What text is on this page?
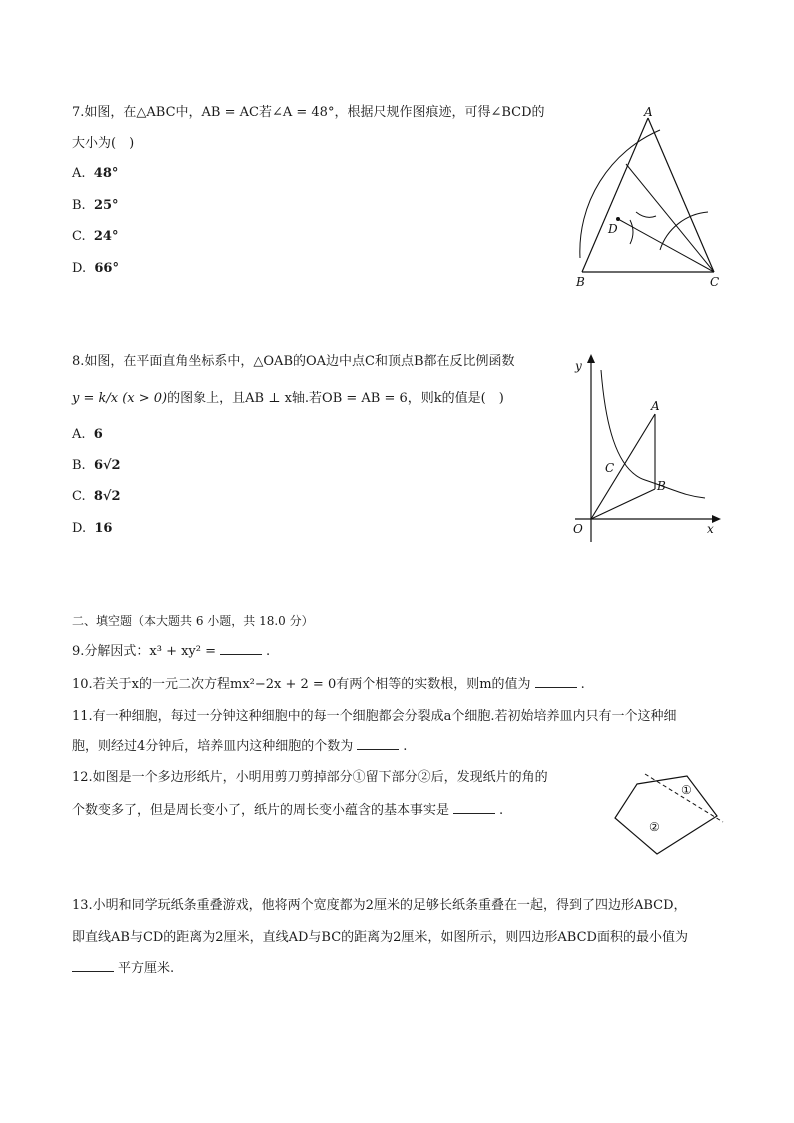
7.如图，在△ABC中，AB = AC若∠A = 48°，根据尺规作图痕迹，可得∠BCD的
大小为(　)
A. 48°
B. 25°
C. 24°
D. 66°
A
B	C
D
8.如图，在平面直角坐标系中，△OAB的OA边中点C和顶点B都在反比例函数
y = k/x (x > 0)的图象上，且AB ⊥ x轴.若OB = AB = 6，则k的值是(　)
A. 6
B. 6√2
C. 8√2
D. 16
y
x
O
A
B
C
二、填空题（本大题共 6 小题，共 18.0 分）
9.分解因式：x³ + xy² =	.
10.若关于x的一元二次方程mx²−2x + 2 = 0有两个相等的实数根，则m的值为	.
11.有一种细胞，每过一分钟这种细胞中的每一个细胞都会分裂成a个细胞.若初始培养皿内只有一个这种细
胞，则经过4分钟后，培养皿内这种细胞的个数为	.
12.如图是一个多边形纸片，小明用剪刀剪掉部分①留下部分②后，发现纸片的角的
个数变多了，但是周长变小了，纸片的周长变小蕴含的基本事实是	.
①
②
13.小明和同学玩纸条重叠游戏，他将两个宽度都为2厘米的足够长纸条重叠在一起，得到了四边形ABCD，
即直线AB与CD的距离为2厘米，直线AD与BC的距离为2厘米，如图所示，则四边形ABCD面积的最小值为
平方厘米.
